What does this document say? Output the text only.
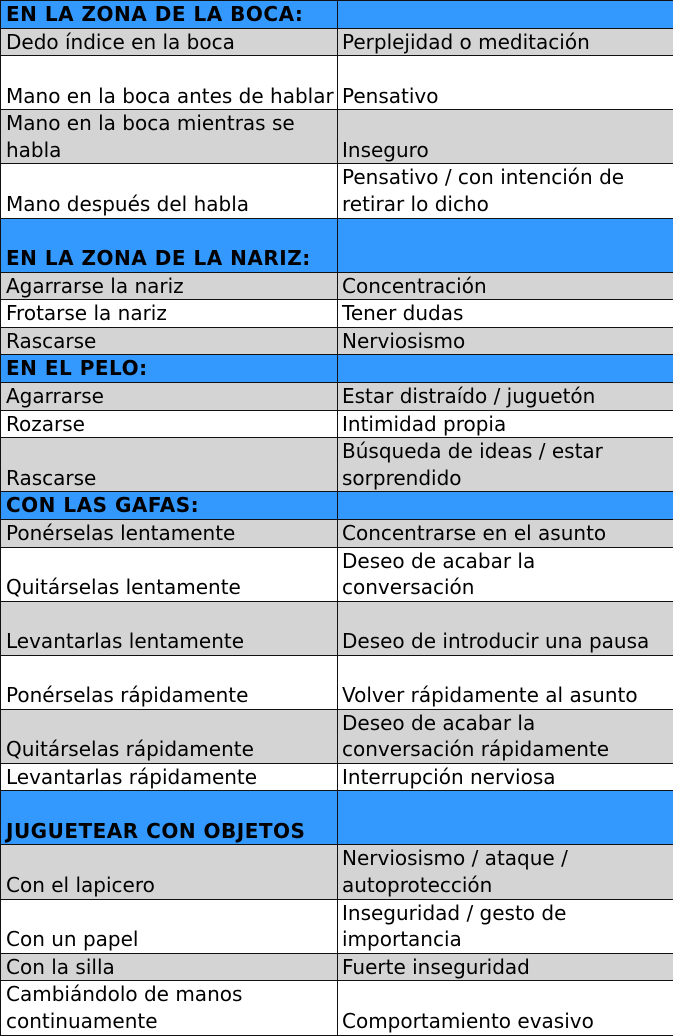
EN LA ZONA DE LA BOCA:	
Dedo índice en la boca	Perplejidad o meditación
Mano en la boca antes de hablar	Pensativo
Mano en la boca mientras se habla	Inseguro
Mano después del habla	Pensativo / con intención de retirar lo dicho
EN LA ZONA DE LA NARIZ:	
Agarrarse la nariz	Concentración
Frotarse la nariz	Tener dudas
Rascarse	Nerviosismo
EN EL PELO:	
Agarrarse	Estar distraído / juguetón
Rozarse	Intimidad propia
Rascarse	Búsqueda de ideas / estar sorprendido
CON LAS GAFAS:	
Ponérselas lentamente	Concentrarse en el asunto
Quitárselas lentamente	Deseo de acabar la conversación
Levantarlas lentamente	Deseo de introducir una pausa
Ponérselas rápidamente	Volver rápidamente al asunto
Quitárselas rápidamente	Deseo de acabar la conversación rápidamente
Levantarlas rápidamente	Interrupción nerviosa
JUGUETEAR CON OBJETOS	
Con el lapicero	Nerviosismo / ataque / autoprotección
Con un papel	Inseguridad / gesto de importancia
Con la silla	Fuerte inseguridad
Cambiándolo de manos continuamente	Comportamiento evasivo
